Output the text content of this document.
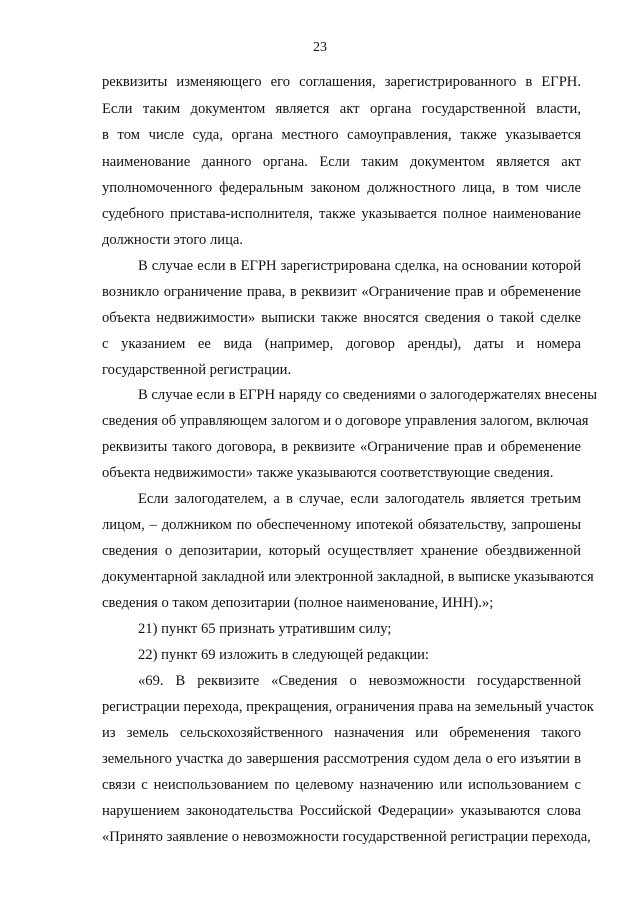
23
реквизиты изменяющего его соглашения, зарегистрированного в ЕГРН.
Если таким документом является акт органа государственной власти,
в том числе суда, органа местного самоуправления, также указывается
наименование данного органа. Если таким документом является акт
уполномоченного федеральным законом должностного лица, в том числе
судебного пристава-исполнителя, также указывается полное наименование
должности этого лица.
В случае если в ЕГРН зарегистрирована сделка, на основании которой
возникло ограничение права, в реквизит «Ограничение прав и обременение
объекта недвижимости» выписки также вносятся сведения о такой сделке
с указанием ее вида (например, договор аренды), даты и номера
государственной регистрации.
В случае если в ЕГРН наряду со сведениями о залогодержателях внесены
сведения об управляющем залогом и о договоре управления залогом, включая
реквизиты такого договора, в реквизите «Ограничение прав и обременение
объекта недвижимости» также указываются соответствующие сведения.
Если залогодателем, а в случае, если залогодатель является третьим
лицом, – должником по обеспеченному ипотекой обязательству, запрошены
сведения о депозитарии, который осуществляет хранение обездвиженной
документарной закладной или электронной закладной, в выписке указываются
сведения о таком депозитарии (полное наименование, ИНН).»;
21) пункт 65 признать утратившим силу;
22) пункт 69 изложить в следующей редакции:
«69. В реквизите «Сведения о невозможности государственной
регистрации перехода, прекращения, ограничения права на земельный участок
из земель сельскохозяйственного назначения или обременения такого
земельного участка до завершения рассмотрения судом дела о его изъятии в
связи с неиспользованием по целевому назначению или использованием с
нарушением законодательства Российской Федерации» указываются слова
«Принято заявление о невозможности государственной регистрации перехода,
